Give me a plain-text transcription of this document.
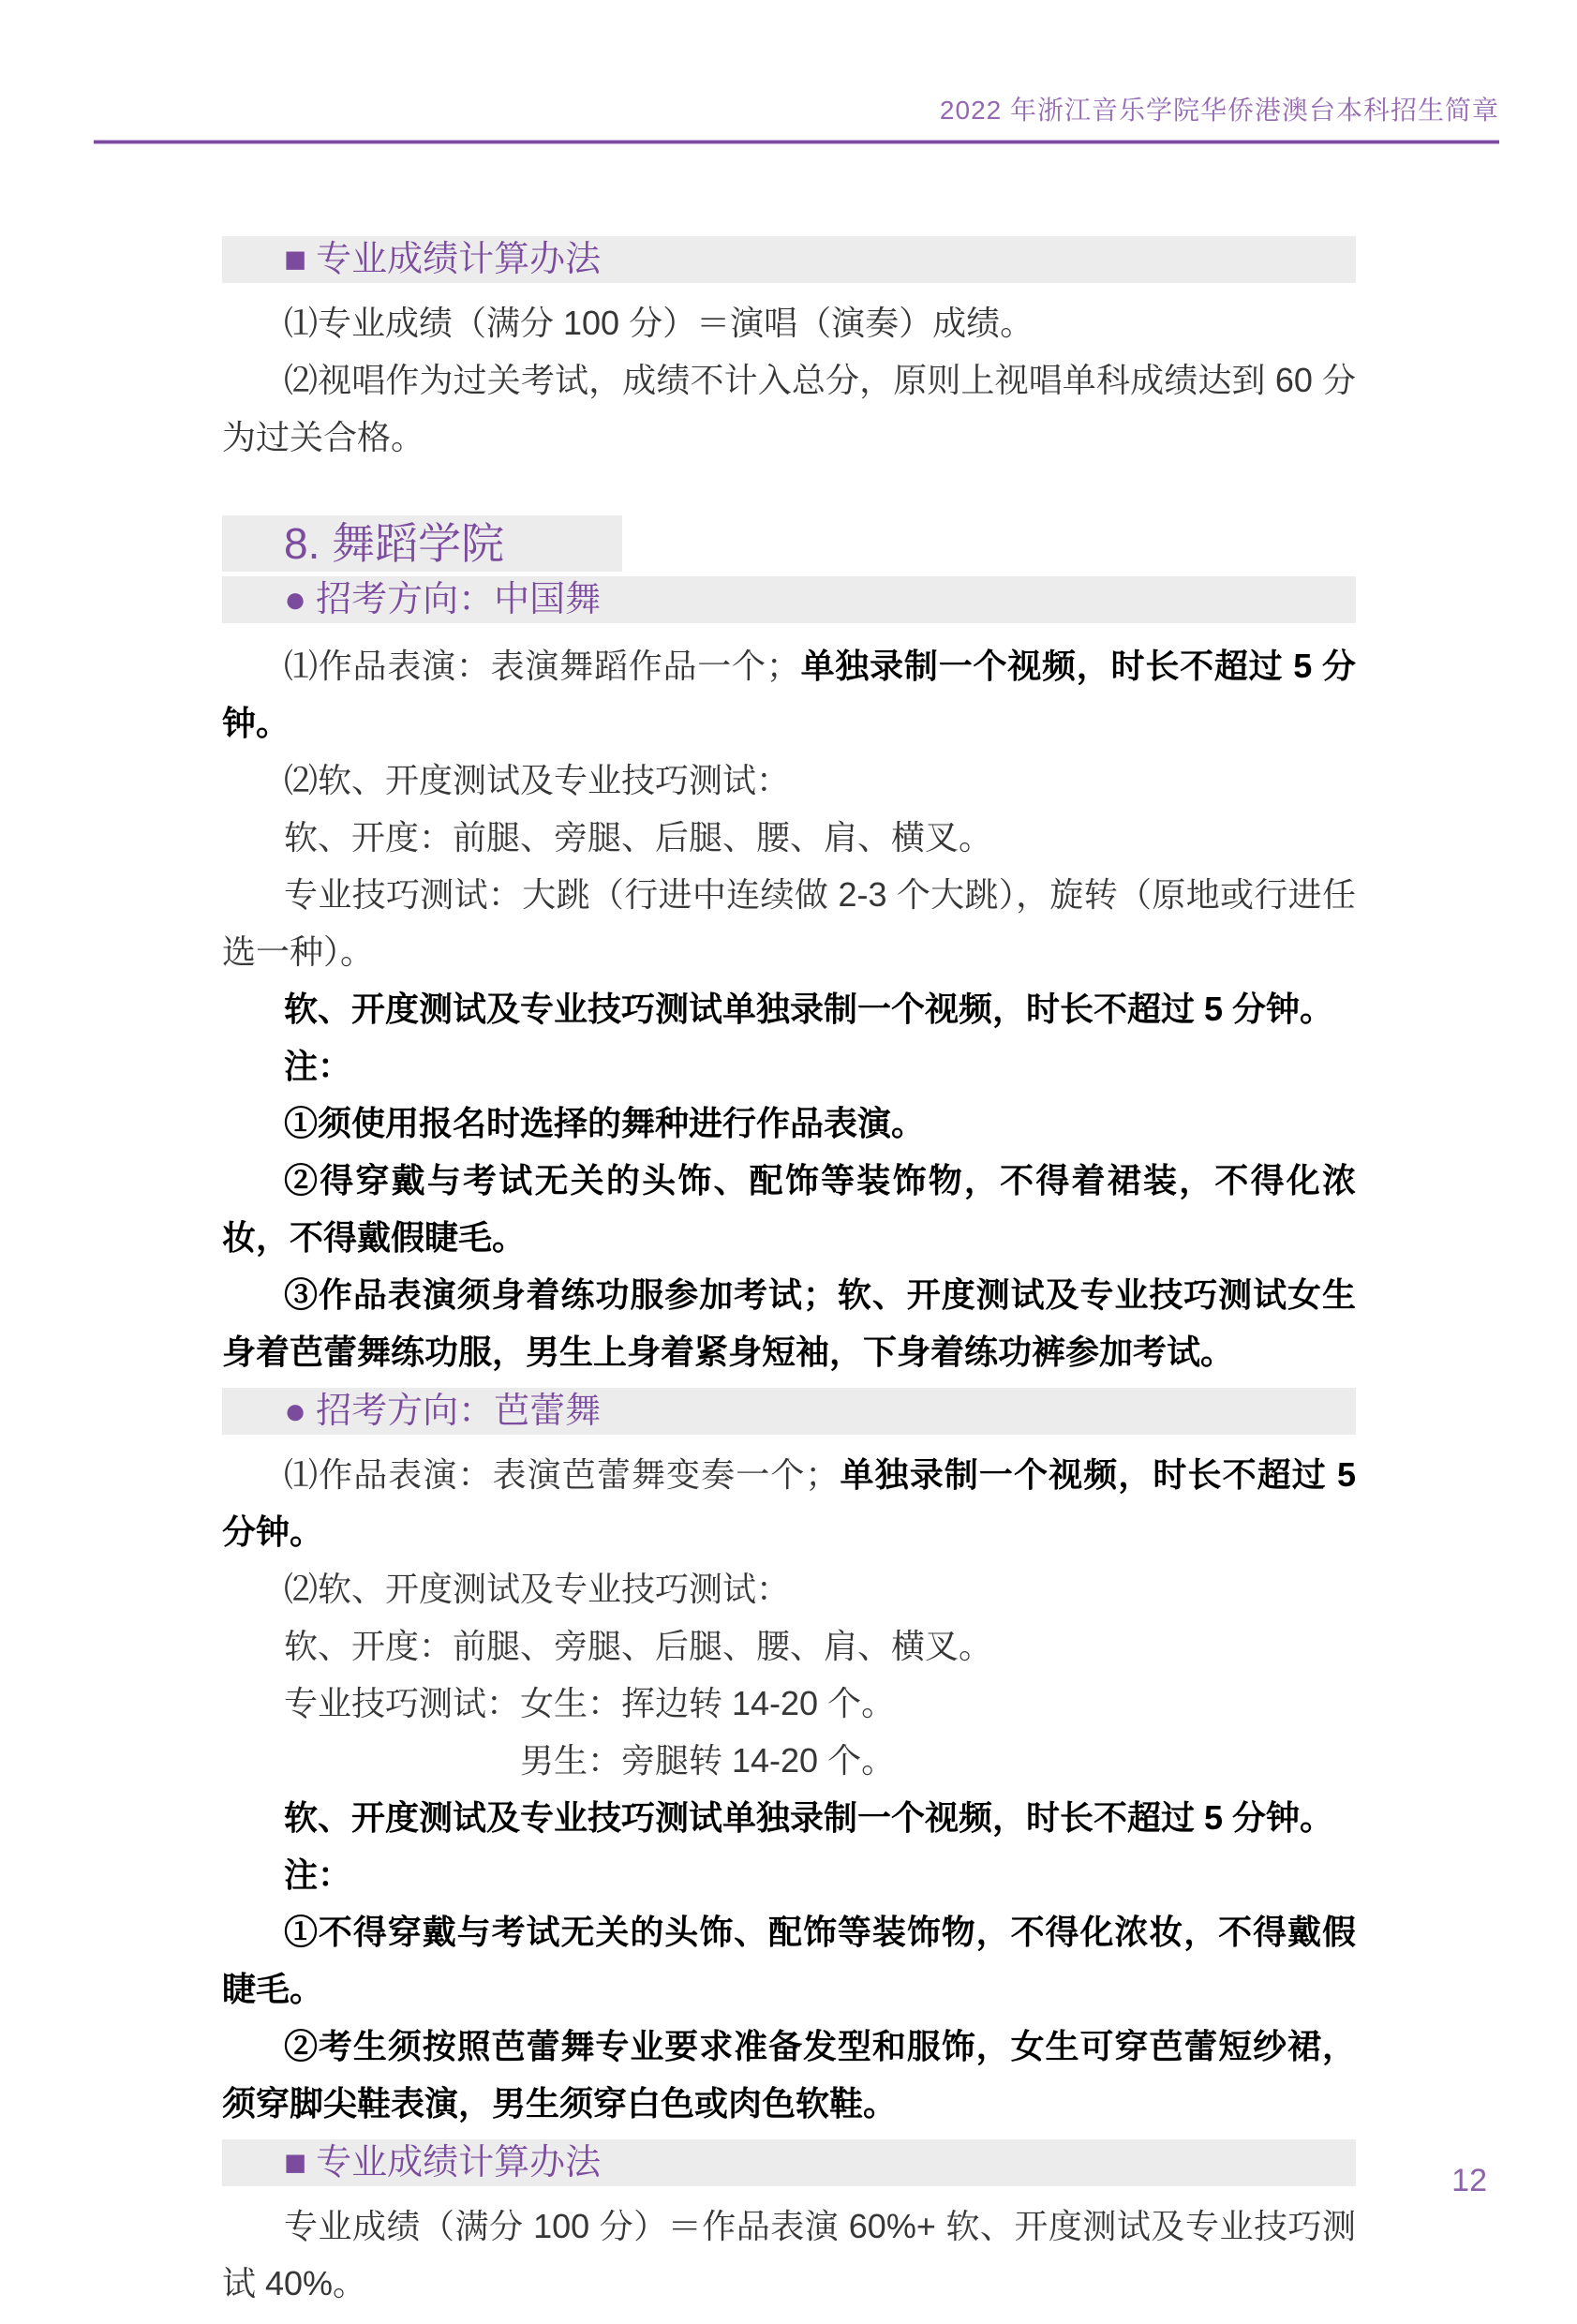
2022 年浙江音乐学院华侨港澳台本科招生简章
■ 专业成绩计算办法

⑴专业成绩（满分 100 分）＝演唱（演奏）成绩。

⑵视唱作为过关考试，成绩不计入总分，原则上视唱单科成绩达到 60 分为过关合格。

8. 舞蹈学院
● 招考方向：中国舞

⑴作品表演：表演舞蹈作品一个；单独录制一个视频，时长不超过 5 分钟。

⑵软、开度测试及专业技巧测试：

软、开度：前腿、旁腿、后腿、腰、肩、横叉。

专业技巧测试：大跳（行进中连续做 2-3 个大跳），旋转（原地或行进任选一种）。

软、开度测试及专业技巧测试单独录制一个视频，时长不超过 5 分钟。

注：

①须使用报名时选择的舞种进行作品表演。

②得穿戴与考试无关的头饰、配饰等装饰物，不得着裙装，不得化浓妆，不得戴假睫毛。

③作品表演须身着练功服参加考试；软、开度测试及专业技巧测试女生身着芭蕾舞练功服，男生上身着紧身短袖，下身着练功裤参加考试。

● 招考方向：芭蕾舞

⑴作品表演：表演芭蕾舞变奏一个；单独录制一个视频，时长不超过 5 分钟。

⑵软、开度测试及专业技巧测试：

软、开度：前腿、旁腿、后腿、腰、肩、横叉。

专业技巧测试：女生：挥边转 14-20 个。

男生：旁腿转 14-20 个。

软、开度测试及专业技巧测试单独录制一个视频，时长不超过 5 分钟。

注：

①不得穿戴与考试无关的头饰、配饰等装饰物，不得化浓妆，不得戴假睫毛。

②考生须按照芭蕾舞专业要求准备发型和服饰，女生可穿芭蕾短纱裙，须穿脚尖鞋表演，男生须穿白色或肉色软鞋。

■ 专业成绩计算办法

专业成绩（满分 100 分）＝作品表演 60%+ 软、开度测试及专业技巧测试 40%。

12
